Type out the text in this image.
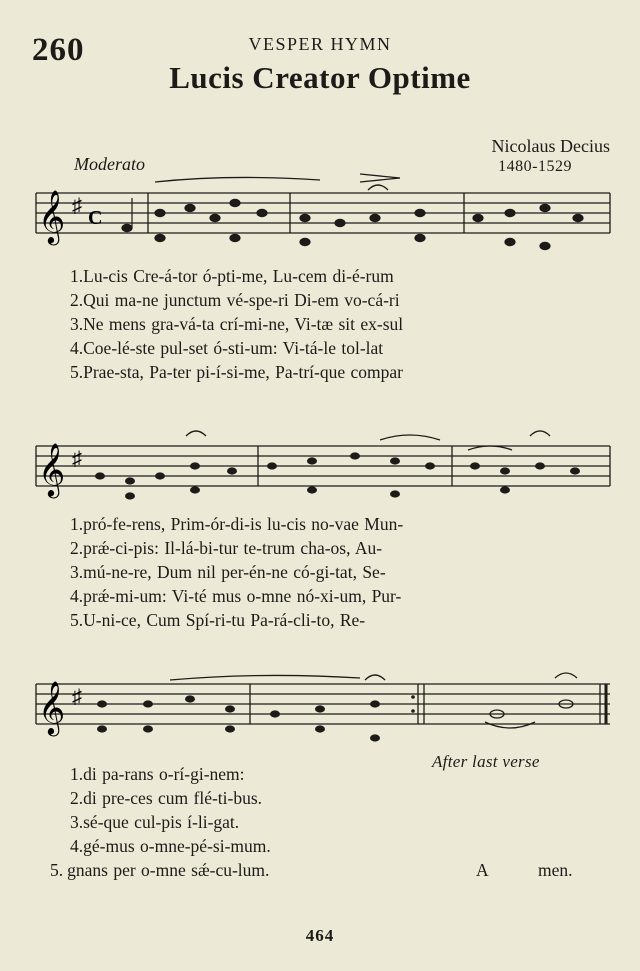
260	VESPER HYMN
Lucis Creator Optime
Nicolaus Decius
1480-1529
Moderato
𝄞 ♯
C
1.Lu-cis Cre-á-tor ó-pti-me, Lu-cem di-é-rum
2.Qui ma-ne junctum vé-spe-ri Di-em vo-cá-ri
3.Ne mens gra-vá-ta crí-mi-ne, Vi-tæ sit ex-sul
4.Coe-lé-ste pul-set ó-sti-um: Vi-tá-le tol-lat
5.Prae-sta, Pa-ter pi-í-si-me, Pa-trí-que compar
𝄞 ♯
1.pró-fe-rens, Prim-ór-di-is lu-cis no-vae Mun-
2.prǽ-ci-pis: Il-lá-bi-tur te-trum cha-os, Au-
3.mú-ne-re, Dum nil per-én-ne có-gi-tat, Se-
4.prǽ-mi-um: Vi-té mus o-mne nó-xi-um, Pur-
5.U-ni-ce, Cum Spí-ri-tu Pa-rá-cli-to, Re-
𝄞 ♯
After last verse
1.di pa-rans o-rí-gi-nem:
2.di pre-ces cum flé-ti-bus.
3.sé-que cul-pis í-li-gat.
4.gé-mus o-mne-pé-si-mum.
5. gnans per o-mne sǽ-cu-lum.	A	men.
464
